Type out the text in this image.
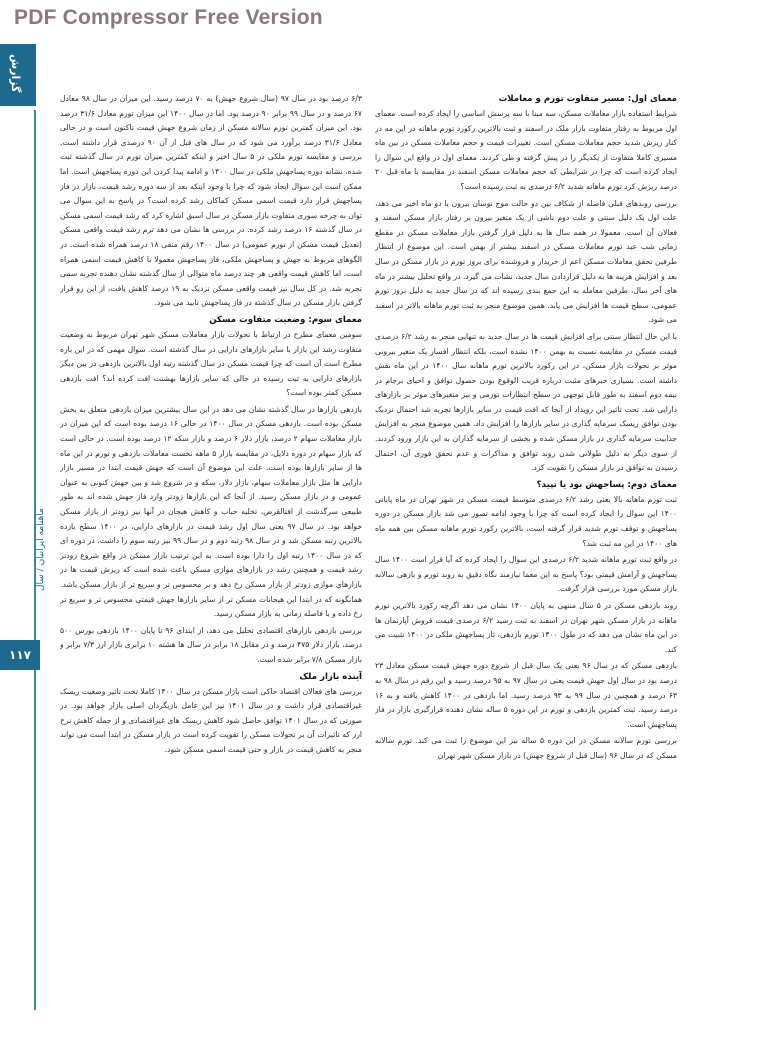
PDF Compressor Free Version
گزارش
ماهنامه ایرانیان / سال
۱۱۷
معمای اول: مسیر متفاوت تورم و معاملات

شرایط استفاده بازار معاملات مسکن، سه مبنا با سه پرسش اساسی را ایجاد کرده است. معمای اول مربوط به رفتار متفاوت بازار ملک در اسفند و ثبت بالاترین رکورد تورم ماهانه در این مه در کنار ریزش شدید حجم معاملات مسکن است. تغییرات قیمت و حجم معاملات مسکن در بین ماه مسیری کاملا متفاوت از یکدیگر را در پیش گرفته و طی کردند. معمای اول در واقع این سوال را ایجاد کرده است که چرا در شرایطی که حجم معاملات مسکن اسفند در مقایسه با ماه قبل ۲۰ درصد ریزش کرد تورم ماهانه شدید ۶/۲ درصدی به ثبت رسیده است؟

بررسی روندهای قبلی فاصله از شکاف بین دو حالت موج نوسان بیرون یا دو ماه اخیر می دهد، علت اول یک دلیل سنتی و علت دوم ناشی از یک متغیر بیرون بر رفتار بازار مسکن اسفند و فعالان آن است. معمولا در همه سال ها به دلیل قرار گرفتن بازار معاملات مسکن در مقطع زمانی شب عید تورم معاملات مسکن در اسفند بیشتر از بهمن است. این موضوع از انتظار طرفین تحقق معاملات مسکن اعم از خریدار و فروشنده برای بروز تورم در بازار مسکن در سال بعد و افزایش هزینه ها به دلیل قراردادن سال جدید، نشات می گیرد. در واقع تحلیل بیشتر در ماه های آخر سال، طرفین معامله به این جمع بندی رسیده اند که در سال جدید به دلیل بروز تورم عمومی، سطح قیمت ها افزایش می یابد. همین موضوع منجر به ثبت تورم ماهانه بالاتر در اسفند می شود.

با این حال انتظار سنتی برای افزایش قیمت ها در سال جدید به تنهایی منجر به رشد ۶/۲ درصدی قیمت مسکن در مقایسه نسبت به بهمن ۱۴۰۰ نشده است، بلکه انتظار افسار یک متغیر بیرونی موثر بر تحولات بازار مسکن، در این رکورد بالاترین تورم ماهانه سال ۱۴۰۰ در این ماه نقش داشته است. بسیاری خبرهای مثبت درباره قریب الوقوع بودن حصول توافق و احیای برجام در نیمه دوم اسفند به طور قابل توجهی در سطح انتظارات تورمی و نیز متغیرهای موثر بر بازارهای دارایی شد. تحت تاثیر این رویداد از آنجا که افت قیمت در سایر بازارها تجربه شد احتمال نزدیک بودن توافق ریسک سرمایه گذاری در سایر بازارها را افزایش داد. همین موضوع منجر به افزایش جذابیت سرمایه گذاری در بازار مسکن شده و بخشی از سرمایه گذاران به این بازار ورود کردند. از سوی دیگر به دلیل طولانی شدن روند توافق و مذاکرات و عدم تحقق فوری آن، احتمال رسیدن به توافق در بازار مسکن را تقویت کرد.

معمای دوم: پساجهش بود یا تپید؟

ثبت تورم ماهانه بالا یعنی رشد ۶/۲ درصدی متوسط قیمت مسکن در شهر تهران در ماه پایانی ۱۴۰۰ این سوال را ایجاد کرده است که چرا با وجود ادامه تصور می شد بازار مسکن در دوره پساجهش و توقف تورم شدید قرار گرفته است، بالاترین رکورد تورم ماهانه مسکن بین همه ماه های ۱۴۰۰ در این مه ثبت شد؟

در واقع ثبت تورم ماهانه شدید ۶/۲ درصدی این سوال را ایجاد کرده که آیا قرار است ۱۴۰۰ سال پساجهش و آرامش قیمتی بود؟ پاسخ به این معما نیازمند نگاه دقیق به روند تورم و بازهی سالانه بازار مسکن مورد بررسی قرار گرفت.

روند بازدهی مسکن در ۵ سال منتهی به پایان ۱۴۰۰ نشان می دهد اگرچه رکورد بالاترین تورم ماهانه در بازار مسکن شهر تهران در اسفند به ثبت رسید ۶/۲ درصدی قیمت فروش آپارتمان ها در این ماه نشان می دهد که در طول ۱۴۰۰ تورم بازدهی، ثاز پساجهش ملکی در ۱۴۰۰ تثبیت می کند.

بازدهی مسکن که در سال ۹۶ یعنی یک سال قبل از شروع دوره جهش قیمت مسکن معادل ۲۳ درصد بود در سال اول جهش قیمت یعنی در سال ۹۷ به ۹۵ درصد رسید و این رقم در سال ۹۸ به ۶۳ درصد و همچنین در سال ۹۹ به ۹۳ درصد رسید. اما بازدهی در ۱۴۰۰ کاهش یافته و به ۱۶ درصد رسید. ثبت کمترین بازدهی و تورم در این دوره ۵ ساله نشان دهنده قرارگیری بازار در فاز پساجهش است.

بررسی تورم سالانه مسکن در این دوره ۵ ساله نیز این موضوع را ثبت می کند. تورم سالانه مسکن که در سال ۹۶ (سال قبل از شروع جهش) در بازار مسکن شهر تهران

۶/۳ درصد بود در سال ۹۷ (سال شروع جهش) به ۷۰ درصد رسید. این میزان در سال ۹۸ معادل ۶۷ درصد و در سال ۹۹ برابر ۹۰ درصد بود. اما در سال ۱۴۰۰ این میزان تورم معادل ۳۱/۶ درصد بود. این میزان کمترین تورم سالانه مسکن از زمان شروع جهش قیمت تاکنون است و در حالی معادل ۳۱/۶ درصد برآورد می شود که در سال های قبل از آن ۹۰ درصدی قرار داشته است. بررسی و مقایسه تورم ملکی در ۵ سال اخیر و اینکه کمترین میزان تورم در سال گذشته ثبت شده، نشانه دوره پساجهش ملکی در سال ۱۴۰۰ و ادامه پیدا کردن این دوره پساجهش است. اما ممکن است این سوال ایجاد شود که چرا با وجود اینکه بعد از سه دوره رشد قیمت، بازار در فاز پساجهش قرار دارد قیمت اسمی مسکن کماکان رشد کرده است؟ در پاسخ به این سوال می توان به چرخه سوری متفاوت بازار مسکن در سال اسبق اشاره کرد که رشد قیمت اسمی مسکن در سال گذشته ۱۶ درصد رشد کرده. در بررسی ها نشان می دهد ترم رشد قیمت واقعی مسکن (تعدیل قیمت مسکن از تورم عمومی) در سال ۱۴۰۰ رقم منفی ۱۸ درصد همراه شده است. در الگوهای مربوط به جهش و پساجهش ملکی، فاز پساجهش معمولا با کاهش قیمت اسمی همراه است. اما کاهش قیمت واقعی هر چند درصد ماه متوالی از سال گذشته نشان دهنده تجربه سمی تجربه شد. در کل سال نیز قیمت واقعی مسکن نزدیک به ۱۹ درصد کاهش یافت، از این رو قرار گرفتن بازار مسکن در سال گذشته در فاز پساجهش تایید می شود.

معمای سوم: وضعیت متفاوت مسکن

سومین معمای مطرح در ارتباط با تحولات بازار معاملات مسکن شهر تهران مربوط به وضعیت متفاوت رشد این بازار با سایر بازارهای دارایی در سال گذشته است. سوال مهمی که در این باره مطرح است آن است که چرا قیمت مسکن در سال گذشته رتبه اول بالاترین بازدهی در بین دیگر بازارهای دارایی به ثبت رسیده در حالی که سایر بازارها بهشتت افت کرده اند؟ افت بازدهی مسکن کمتر بوده است؟

بازدهی بازارها در سال گذشته نشان می دهد در این سال بیشترین میزان بازدهی متعلق به بخش مسکن بوده است. بازدهی مسکن در سال ۱۴۰۰ در حالی ۱۶ درصد بوده است که این میزان در بازار معاملات سهام ۲ درصد، بازار دلار ۶ درصد و بازار سکه ۱۲ درصد بوده است. در حالی است که بازار سهام در دوره دلایل، در مقایسه بازار ۵ ماهه نخست معاملات بازدهی و تورم در این ماه ها از سایر بازارها بوده است. علت این موضوع آن است که جهش قیمت ابتدا در مسیر بازار دارایی ها مثل بازار معاملات سهام، بازار دلار، سکه و در شروع شد و بین جهش کنونی به عنوان عمومی و در بازار مسکن رسید. از آنجا که این بازارها زودتر وارد فاز جهش شده اند به طور طبیعی سرگذشت از افتالقرض، تخلیه حباب و کاهش هیجان در آنها نیز زودتر از بازار مسکن خواهد بود. در سال ۹۷ یعنی سال اول رشد قیمت در بازارهای دارایی، در ۱۴۰۰ سطح بازده بالاترین رتبه مسکن شد و در سال ۹۸ رتبه دوم و در سال ۹۹ نیز رتبه سوم را داشت. در دوره ای که در سال ۱۴۰۰ رتبه اول را دارا بوده است. به این ترتیب بازار مسکن در واقع شروع زودتر رشد قیمت و همچنین رشد در بازارهای موازی مسکن باعث شده است که ریزش قیمت ها در بازارهای موازی زودتر از بازار مسکن رخ دهد و بر محسوس تر و سریع تر از بازار مسکن باشد. همانگونه که در ابتدا این هیجانات مسکن تر از سایر بازارها جهش قیمتی محسوس تر و سریع تر رخ داده و با فاصله زمانی به بازار مسکن رسید.

بررسی بازدهی بازارهای اقتصادی تحلیل می دهد، از ابتدای ۹۶ تا پایان ۱۴۰۰ بازدهی بورس ۵۰۰ درصد، بازار دلار ۴۷۵ درصد و در مقابل ۱۸ برابر در سال ها هشته ۱۰ برابری بازار ارز ۷/۳ برابر و بازار مسکن ۷/۸ برابر شده است.

آینده بازار ملک

بررسی های فعالان اقتصاد حاکی است بازار مسکن در سال ۱۴۰۰ کاملا تحت تاثیر وضعیت ریسک غیراقتصادی قرار داشت و در سال ۱۴۰۱ نیز این عامل بازیگردان اصلی بازار خواهد بود. در صورتی که در سال ۱۴۰۱ توافق حاصل شود کاهش ریسک های غیراقتصادی و از جمله کاهش نرخ ارز که تاثیرات آن بر تحولات مسکن را تقویت کرده است در بازار مسکن در ابتدا است می تواند منجر به کاهش قیمت در بازار و حتی قیمت اسمی مسکن شود.
